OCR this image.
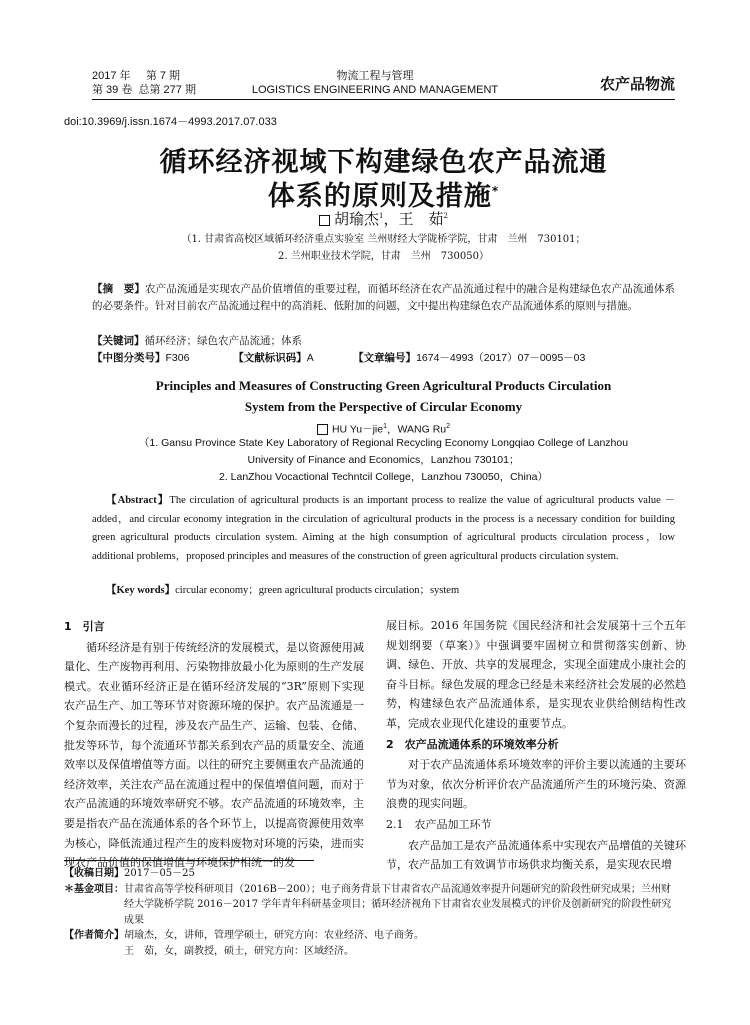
2017 年 第 7 期
第 39 卷 总第 277 期
物流工程与管理
LOGISTICS ENGINEERING AND MANAGEMENT	农产品物流
doi:10.3969/j.issn.1674－4993.2017.07.033
循环经济视域下构建绿色农产品流通
体系的原则及措施*
胡瑜杰$^1$，王　茹$^2$
（1. 甘肃省高校区域循环经济重点实验室 兰州财经大学陇桥学院，甘肃　兰州　730101；
2. 兰州职业技术学院，甘肃　兰州　730050）
【摘　要】农产品流通是实现农产品价值增值的重要过程，而循环经济在农产品流通过程中的融合是构建绿色农产品流通体系的必要条件。针对目前农产品流通过程中的高消耗、低附加的问题，文中提出构建绿色农产品流通体系的原则与措施。
【关键词】循环经济；绿色农产品流通；体系
【中图分类号】F306	【文献标识码】A	【文章编号】1674－4993（2017）07－0095－03
Principles and Measures of Constructing Green Agricultural Products Circulation
System from the Perspective of Circular Economy
HU Yu－jie$^1$，WANG Ru$^2$
（1. Gansu Province State Key Laboratory of Regional Recycling Economy Longqiao College of Lanzhou
University of Finance and Economics，Lanzhou 730101；
2. LanZhou Vocactional Techntcil College，Lanzhou 730050，China）
【Abstract】The circulation of agricultural products is an important process to realize the value of agricultural products value －added，and circular economy integration in the circulation of agricultural products in the process is a necessary condition for building green agricultural products circulation system. Aiming at the high consumption of agricultural products circulation process，low additional problems，proposed principles and measures of the construction of green agricultural products circulation system.
【Key words】circular economy；green agricultural products circulation；system
1　引言

循环经济是有别于传统经济的发展模式，是以资源使用减量化、生产废物再利用、污染物排放最小化为原则的生产发展模式。农业循环经济正是在循环经济发展的“3R”原则下实现农产品生产、加工等环节对资源环境的保护。农产品流通是一个复杂而漫长的过程，涉及农产品生产、运输、包装、仓储、批发等环节，每个流通环节都关系到农产品的质量安全、流通效率以及保值增值等方面。以往的研究主要侧重农产品流通的经济效率，关注农产品在流通过程中的保值增值问题，而对于农产品流通的环境效率研究不够。农产品流通的环境效率，主要是指农产品在流通体系的各个环节上，以提高资源使用效率为核心，降低流通过程产生的废料废物对环境的污染，进而实现农产品价值的保值增值与环境保护相统一的发

展目标。2016 年国务院《国民经济和社会发展第十三个五年规划纲要（草案）》中强调要牢固树立和贯彻落实创新、协调、绿色、开放、共享的发展理念，实现全面建成小康社会的奋斗目标。绿色发展的理念已经是未来经济社会发展的必然趋势，构建绿色农产品流通体系，是实现农业供给侧结构性改革，完成农业现代化建设的重要节点。

2　农产品流通体系的环境效率分析

对于农产品流通体系环境效率的评价主要以流通的主要环节为对象，依次分析评价农产品流通所产生的环境污染、资源浪费的现实问题。

2.1　农产品加工环节

农产品加工是农产品流通体系中实现农产品增值的关键环节，农产品加工有效调节市场供求均衡关系，是实现农民增

【收稿日期】 2017－05－25
＊基金项目： 甘肃省高等学校科研项目（2016B－200）；电子商务背景下甘肃省农产品流通效率提升问题研究的阶段性研究成果；兰州财经大学陇桥学院 2016－2017 学年青年科研基金项目；循环经济视角下甘肃省农业发展模式的评价及创新研究的阶段性研究成果
【作者简介】 胡瑜杰，女，讲师，管理学硕士，研究方向：农业经济、电子商务。
王　茹，女，副教授，硕士，研究方向：区域经济。
